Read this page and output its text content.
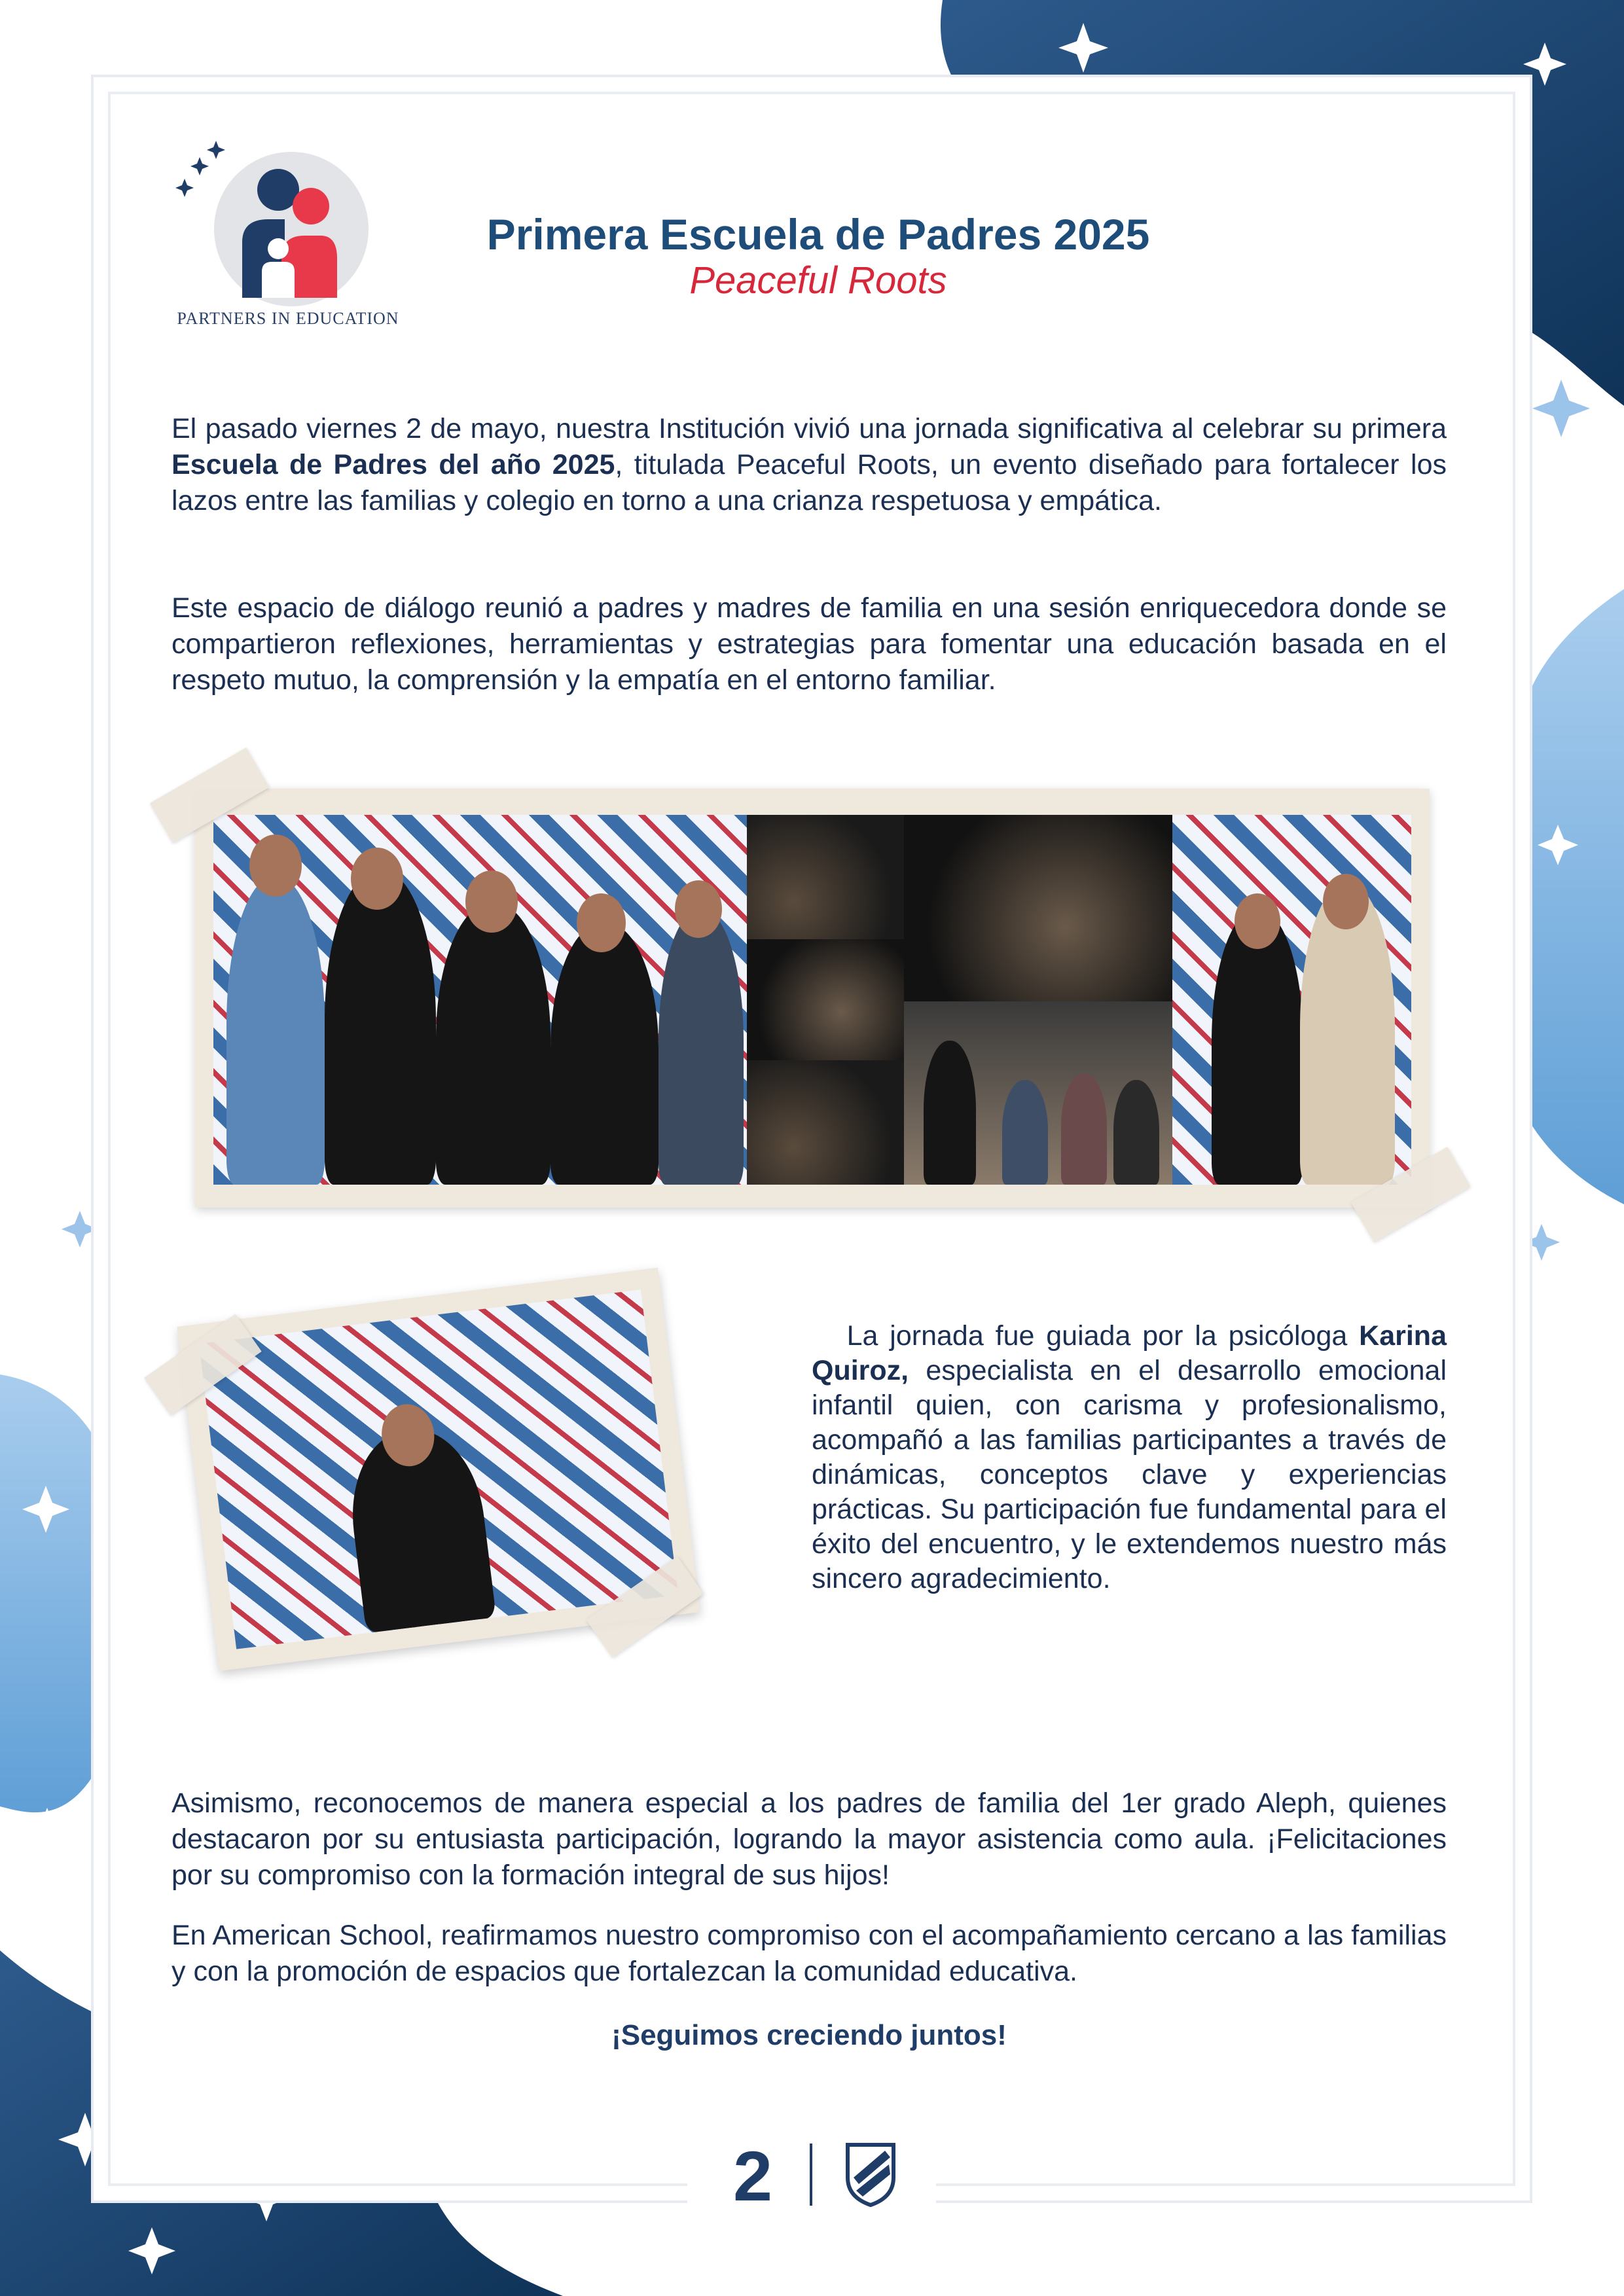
PARTNERS IN EDUCATION
Primera Escuela de Padres 2025
Peaceful Roots
El pasado viernes 2 de mayo, nuestra Institución vivió una jornada significativa al celebrar su primera Escuela de Padres del año 2025, titulada Peaceful Roots, un evento diseñado para fortalecer los lazos entre las familias y colegio en torno a una crianza respetuosa y empática.
Este espacio de diálogo reunió a padres y madres de familia en una sesión enriquecedora donde se compartieron reflexiones, herramientas y estrategias para fomentar una educación basada en el respeto mutuo, la comprensión y la empatía en el entorno familiar.
La jornada fue guiada por la psicóloga Karina Quiroz, especialista en el desarrollo emocional infantil quien, con carisma y profesionalismo, acompañó a las familias participantes a través de dinámicas, conceptos clave y experiencias prácticas. Su participación fue fundamental para el éxito del encuentro, y le extendemos nuestro más sincero agradecimiento.
Asimismo, reconocemos de manera especial a los padres de familia del 1er grado Aleph, quienes destacaron por su entusiasta participación, logrando la mayor asistencia como aula. ¡Felicitaciones por su compromiso con la formación integral de sus hijos!
En American School, reafirmamos nuestro compromiso con el acompañamiento cercano a las familias y con la promoción de espacios que fortalezcan la comunidad educativa.
¡Seguimos creciendo juntos!
2
